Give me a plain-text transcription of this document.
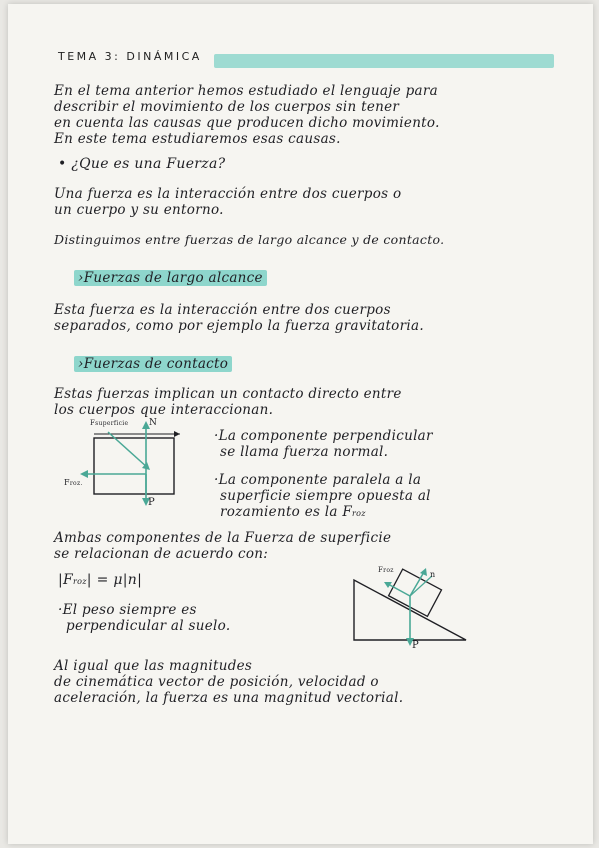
TEMA 3: DINÁMICA
En el tema anterior hemos estudiado el lenguaje para
describir el movimiento de los cuerpos sin tener
en cuenta las causas que producen dicho movimiento.
En este tema estudiaremos esas causas.
• ¿Que es una Fuerza?
Una fuerza es la interacción entre dos cuerpos o
un cuerpo y su entorno.
Distinguimos entre fuerzas de largo alcance y de contacto.
›Fuerzas de largo alcance
Esta fuerza es la interacción entre dos cuerpos
separados, como por ejemplo la fuerza gravitatoria.
›Fuerzas de contacto
Estas fuerzas implican un contacto directo entre
los cuerpos que interaccionan.
Fsuperficie N
Froz.
P
·La componente perpendicular
se llama fuerza normal.
·La componente paralela a la
superficie siempre opuesta al
rozamiento es la Froz
Ambas componentes de la Fuerza de superficie
se relacionan de acuerdo con:
|Froz| = μ|n|
·El peso siempre es
perpendicular al suelo.
Froz	n
P
Al igual que las magnitudes
de cinemática vector de posición, velocidad o
aceleración, la fuerza es una magnitud vectorial.
